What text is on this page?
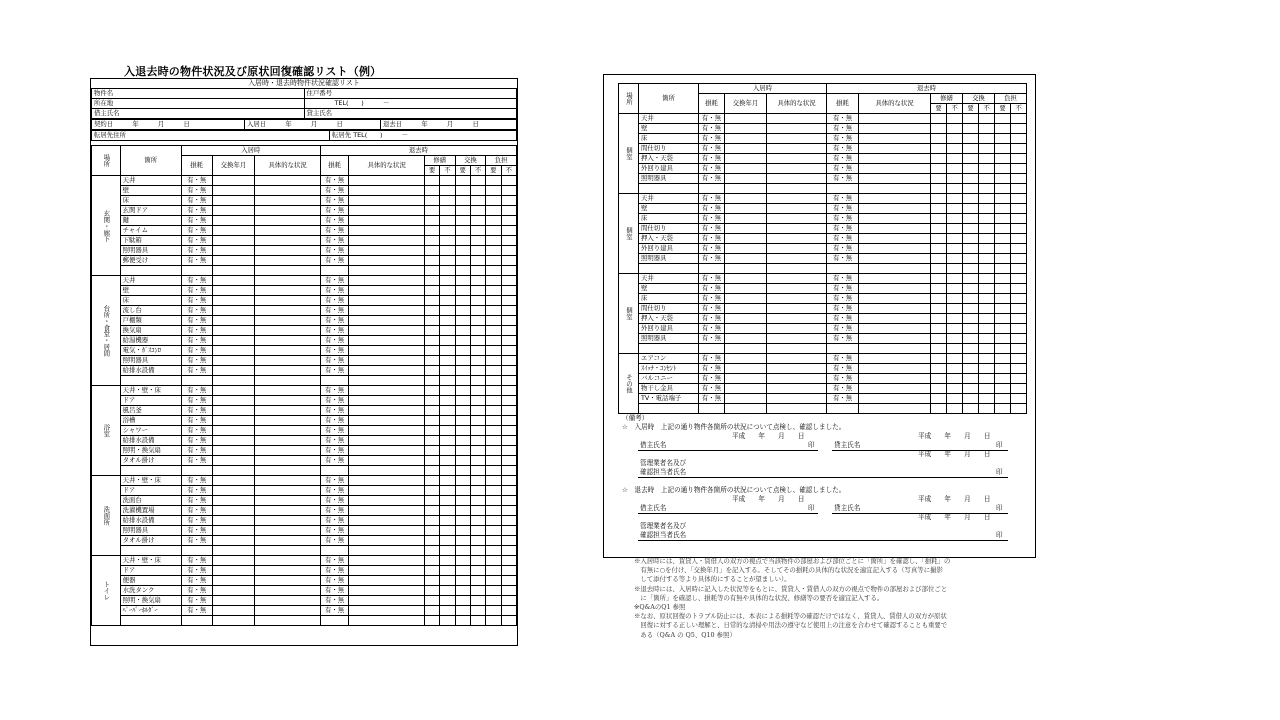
入退去時の物件状況及び原状回復確認リスト（例）
入居時・退去時物件状況確認リスト
物件名	住戸番号
所在地	TEL(　　)　　　－
借主氏名	貸主氏名
契約日　　　年　　　月　　　日	入居日　　　年　　　月　　　日	退去日　　　年　　　月　　　日
転居先住所	転居先 TEL(　　)　　　－
場所	箇所	入居時			退去時							
		損耗	交換年月	具体的な状況	損耗	具体的な状況	修繕		交換		負担	
							要	不	要	不	要	不
玄関・廊下	天井	有・無			有・無							
	壁	有・無			有・無							
	床	有・無			有・無							
	玄関ドア	有・無			有・無							
	鍵	有・無			有・無							
	チャイム	有・無			有・無							
	下駄箱	有・無			有・無							
	照明器具	有・無			有・無							
	郵便受け	有・無			有・無							

台所・食堂・居間	天井	有・無			有・無							
	壁	有・無			有・無							
	床	有・無			有・無							
	流し台	有・無			有・無							
	戸棚類	有・無			有・無							
	換気扇	有・無			有・無							
	給湯機器	有・無			有・無							
	電気・ｶﾞｽｺﾝﾛ	有・無			有・無							
	照明器具	有・無			有・無							
	給排水設備	有・無			有・無							

浴室	天井・壁・床	有・無			有・無							
	ドア	有・無			有・無							
	風呂釜	有・無			有・無							
	浴槽	有・無			有・無							
	シャワー	有・無			有・無							
	給排水設備	有・無			有・無							
	照明・換気扇	有・無			有・無							
	タオル掛け	有・無			有・無							

洗面所	天井・壁・床	有・無			有・無							
	ドア	有・無			有・無							
	洗面台	有・無			有・無							
	洗濯機置場	有・無			有・無							
	給排水設備	有・無			有・無							
	照明器具	有・無			有・無							
	タオル掛け	有・無			有・無							

トイレ	天井・壁・床	有・無			有・無							
	ドア	有・無			有・無							
	便器	有・無			有・無							
	水洗タンク	有・無			有・無							
	照明・換気扇	有・無			有・無							
	ﾍﾟｰﾊﾟｰﾎﾙﾀﾞｰ	有・無			有・無							

場所	箇所	入居時			退去時							
		損耗	交換年月	具体的な状況	損耗	具体的な状況	修繕		交換		負担	
							要	不	要	不	要	不
個室	天井	有・無			有・無							
	壁	有・無			有・無							
	床	有・無			有・無							
	間仕切り	有・無			有・無							
	押入・天袋	有・無			有・無							
	外回り建具	有・無			有・無							
	照明器具	有・無			有・無							

個室	天井	有・無			有・無							
	壁	有・無			有・無							
	床	有・無			有・無							
	間仕切り	有・無			有・無							
	押入・天袋	有・無			有・無							
	外回り建具	有・無			有・無							
	照明器具	有・無			有・無							

個室	天井	有・無			有・無							
	壁	有・無			有・無							
	床	有・無			有・無							
	間仕切り	有・無			有・無							
	押入・天袋	有・無			有・無							
	外回り建具	有・無			有・無							
	照明器具	有・無			有・無							

その他	エアコン	有・無			有・無							
	ｽｲｯﾁ・ｺﾝｾﾝﾄ	有・無			有・無							
	バルコニー	有・無			有・無							
	物干し金具	有・無			有・無							
	TV・電話端子	有・無			有・無							

（備考）
☆　入居時　上記の通り物件各箇所の状況について点検し、確認しました。
平成　　年　　月　　日	平成　　年　　月　　日
借主氏名	印	貸主氏名	印
平成　　年　　月　　日
管理業者名及び
確認担当者氏名	印
☆　退去時　上記の通り物件各箇所の状況について点検し、確認しました。
平成　　年　　月　　日	平成　　年　　月　　日
借主氏名	印	貸主氏名	印
平成　　年　　月　　日
管理業者名及び
確認担当者氏名	印

※入居時には、賃貸人・賃借人の双方の視点で当該物件の部屋および部位ごとに「箇所」を確認し、「損耗」の

　有無に○を付け、「交換年月」を記入する。そしてその損耗の具体的な状況を適宜記入する（写真等に撮影

　して添付する等より具体的にすることが望ましい）。

※退去時には、入居時に記入した状況等をもとに、賃貸人・賃借人の双方の視点で物件の部屋および部位ごと

　に「箇所」を確認し、損耗等の有無や具体的な状況、修繕等の要否を適宜記入する。

※Q&AのQ1 参照

※なお、原状回復のトラブル防止には、本表による損耗等の確認だけではなく、賃貸人、賃借人の双方が原状

　回復に対する正しい理解と、日常的な清掃や用法の遵守など使用上の注意を合わせて確認することも重要で

　ある（Q&A の Q5、Q10 参照）
